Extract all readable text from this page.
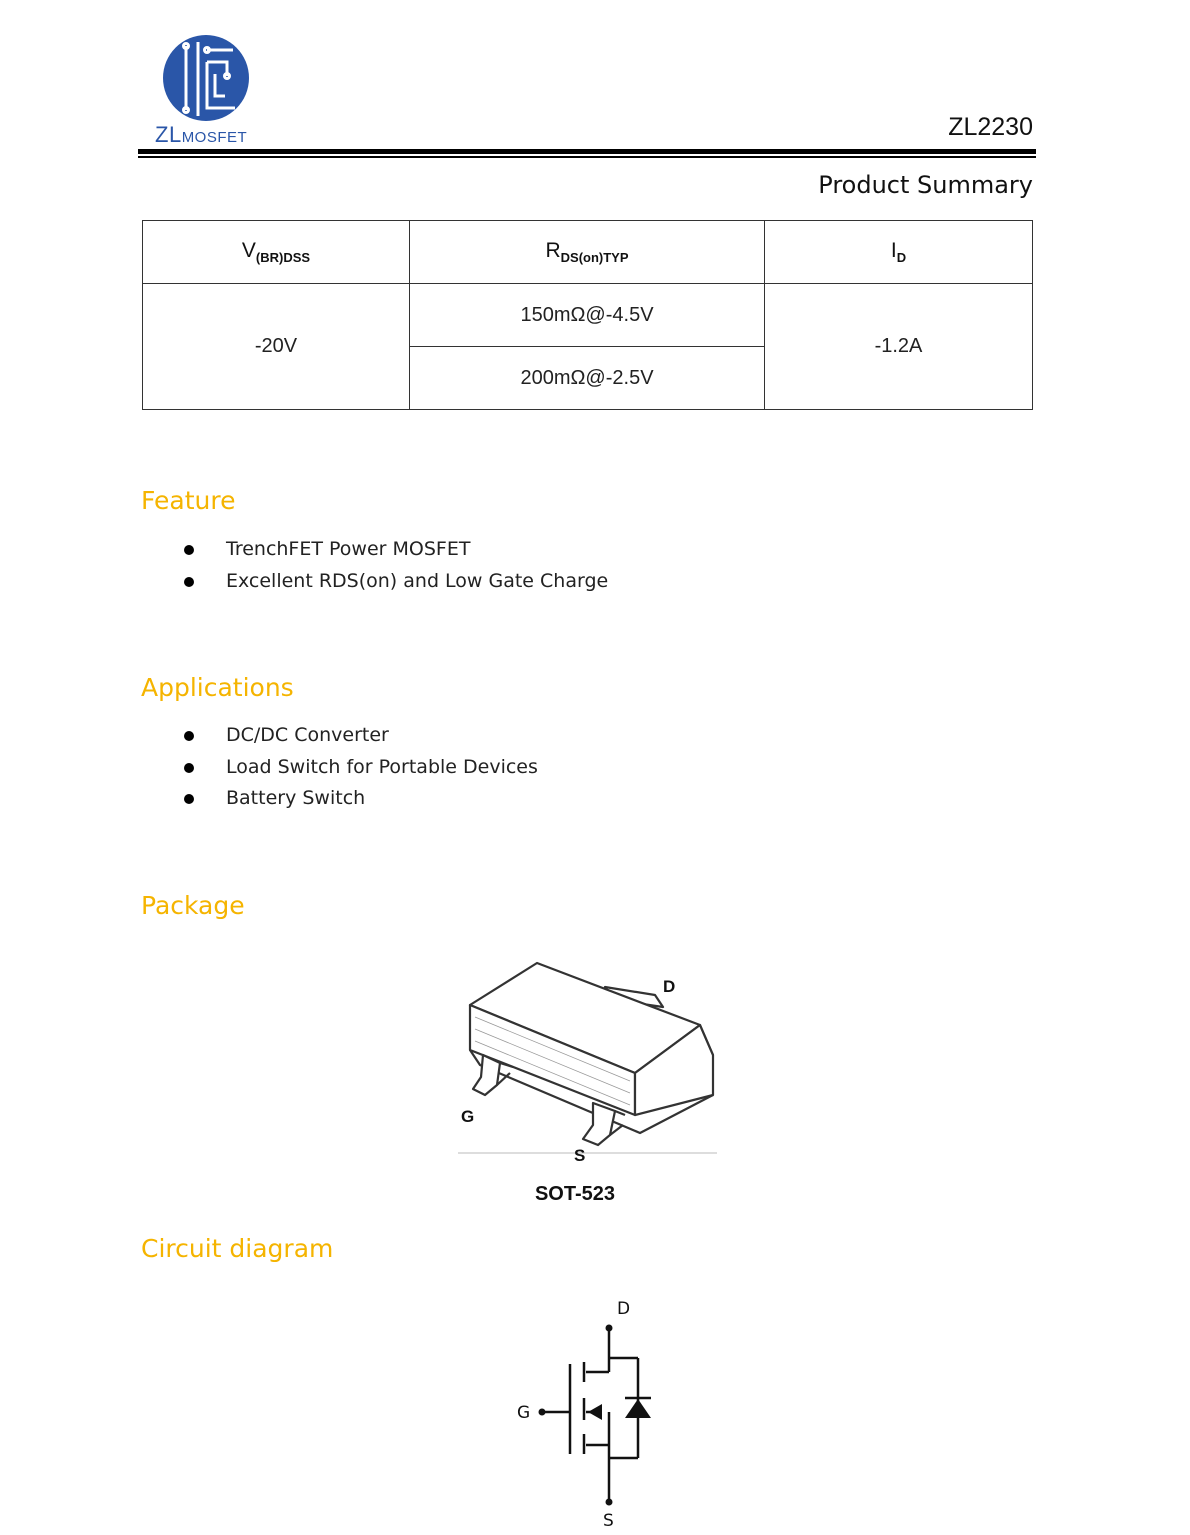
ZLMOSFET	ZL2230
Product Summary
$V_{(BR)DSS}$	$R_{DS(on)TYP}$	$I_D$
-20V	150mΩ@-4.5V	-1.2A
	200mΩ@-2.5V	
Feature
TrenchFET Power MOSFET
Excellent RDS(on) and Low Gate Charge
Applications
DC/DC Converter
Load Switch for Portable Devices
Battery Switch
Package
D
G
S
SOT-523
Circuit diagram
D
G
S
